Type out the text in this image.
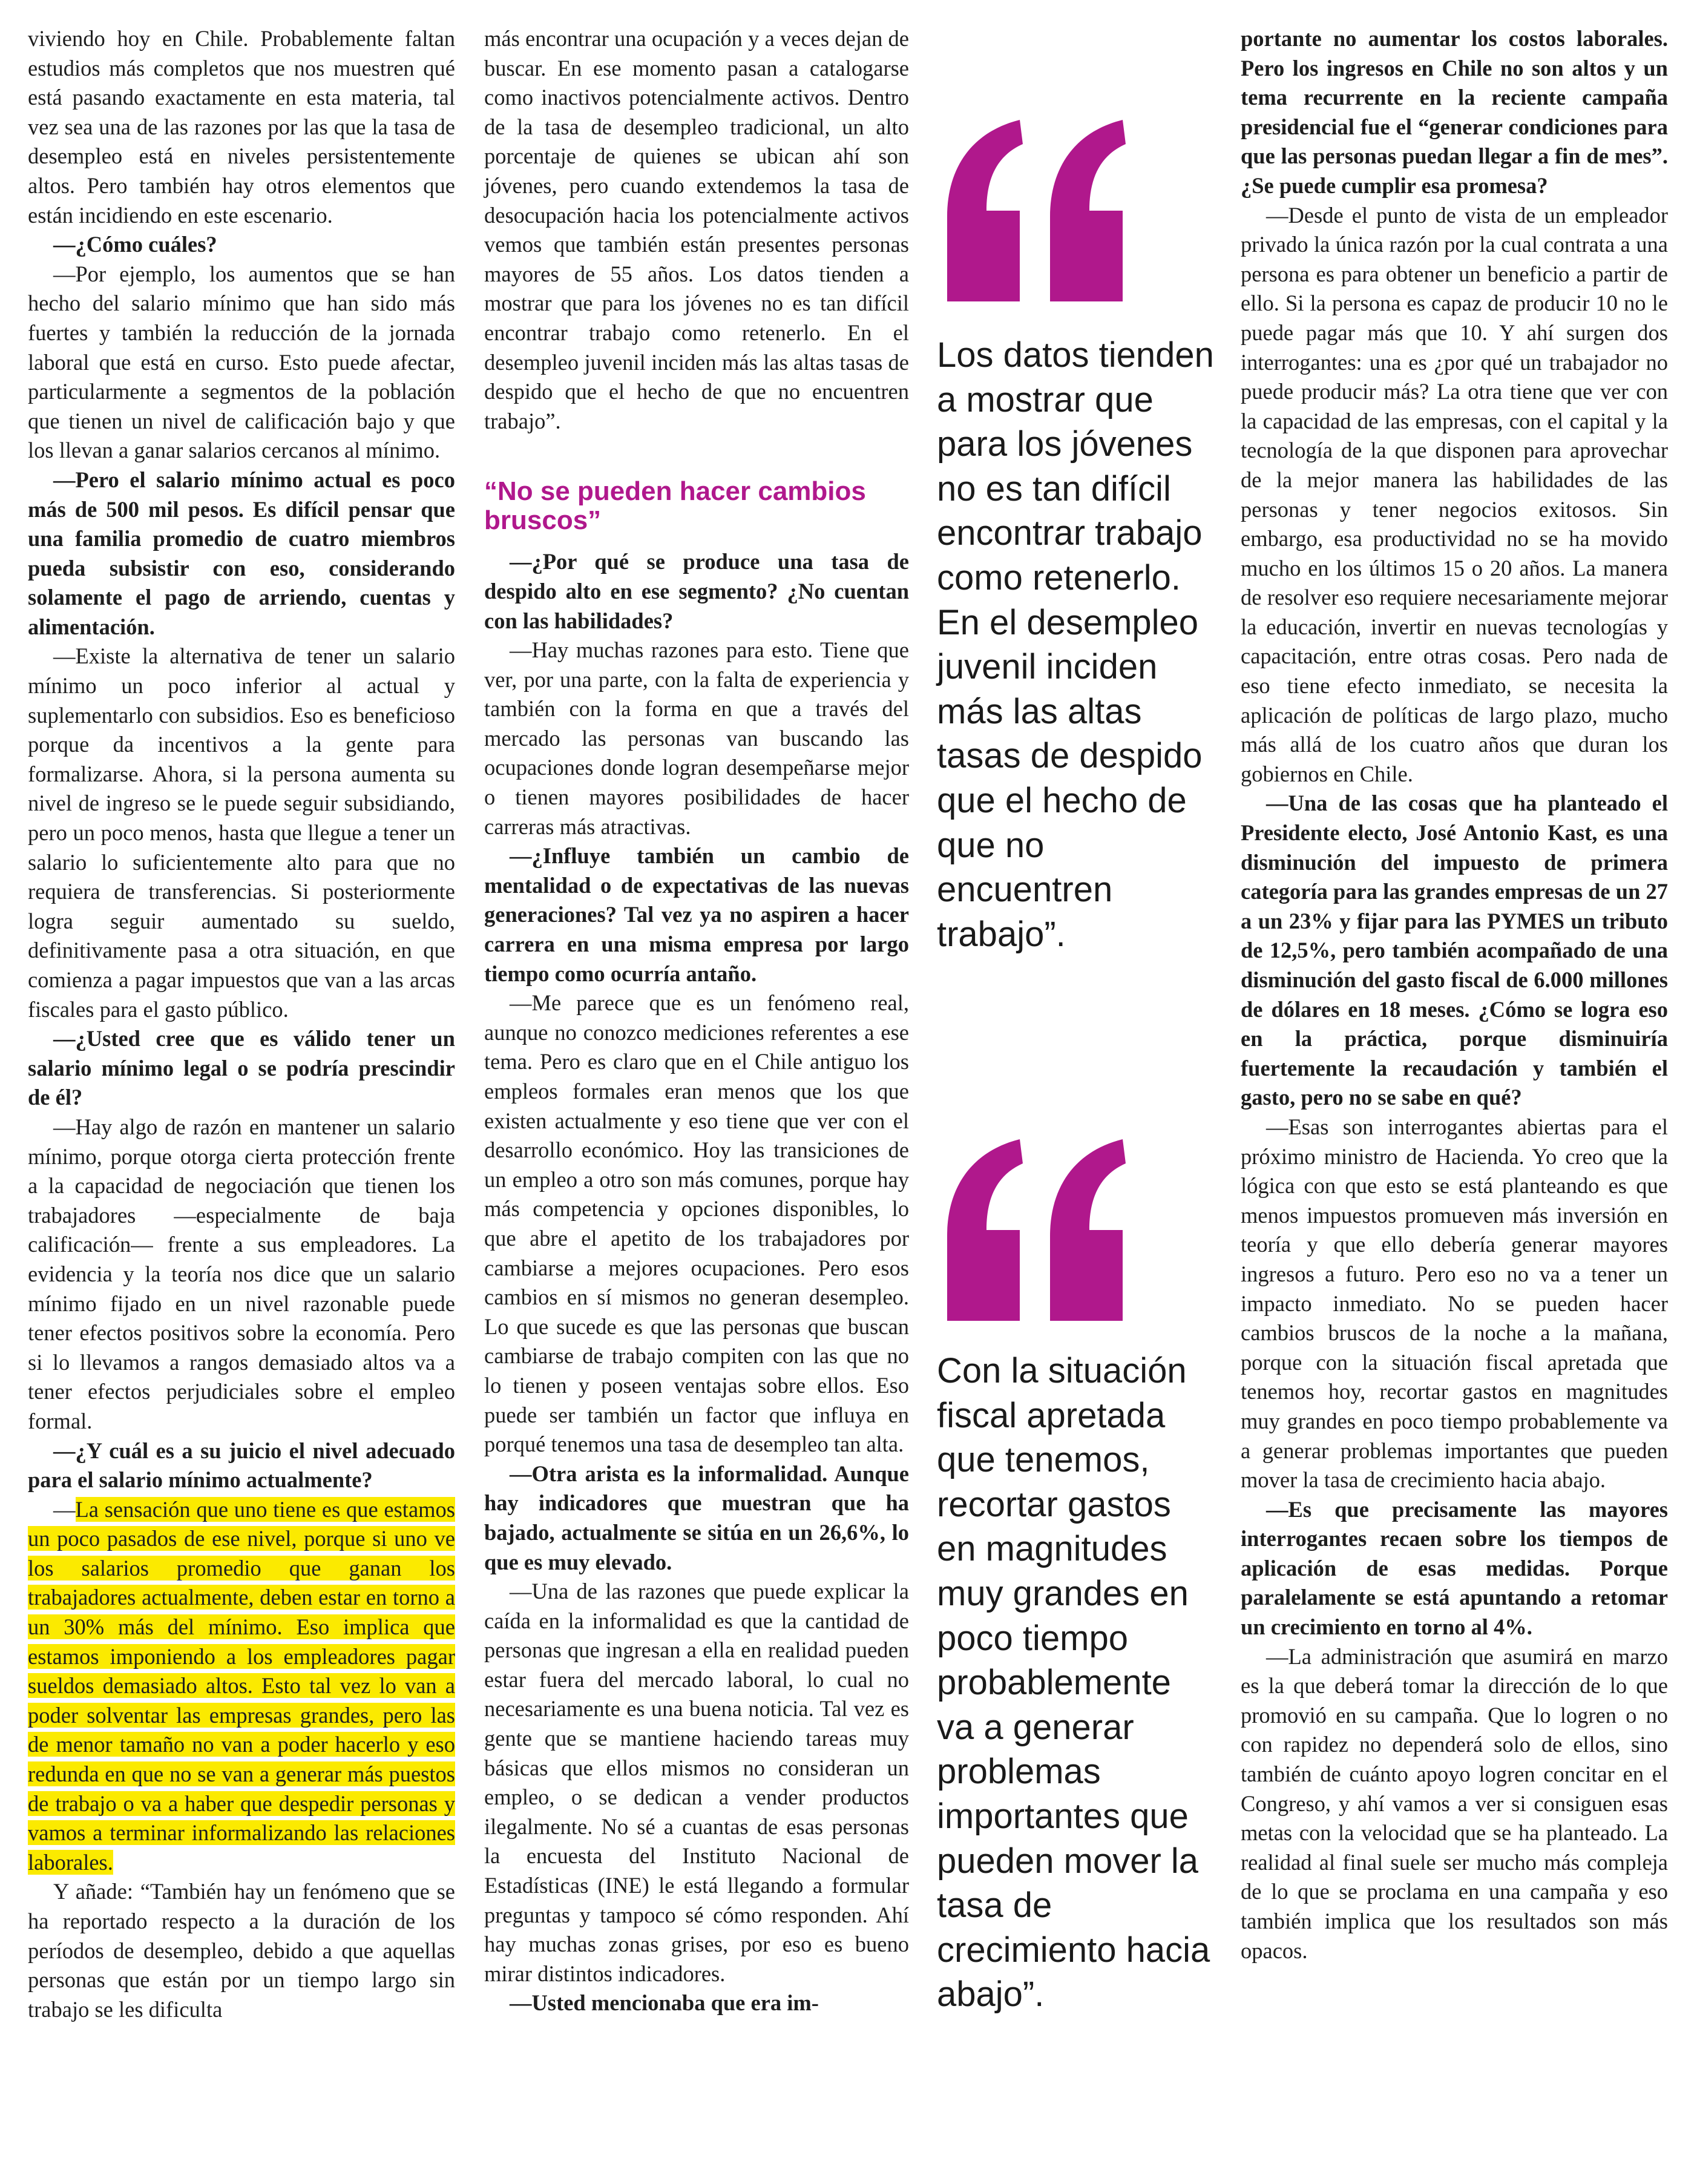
viviendo hoy en Chile. Probablemente faltan estudios más completos que nos muestren qué está pasando exactamente en esta materia, tal vez sea una de las razones por las que la tasa de desempleo está en niveles persistentemente altos. Pero también hay otros elementos que están incidiendo en este escenario.

—¿Cómo cuáles?

—Por ejemplo, los aumentos que se han hecho del salario mínimo que han sido más fuertes y también la reducción de la jornada laboral que está en curso. Esto puede afectar, particularmente a segmentos de la población que tienen un nivel de calificación bajo y que los llevan a ganar salarios cercanos al mínimo.

—Pero el salario mínimo actual es poco más de 500 mil pesos. Es difícil pensar que una familia promedio de cuatro miembros pueda subsistir con eso, considerando solamente el pago de arriendo, cuentas y alimentación.

—Existe la alternativa de tener un salario mínimo un poco inferior al actual y suplementarlo con subsidios. Eso es beneficioso porque da incentivos a la gente para formalizarse. Ahora, si la persona aumenta su nivel de ingreso se le puede seguir subsidiando, pero un poco menos, hasta que llegue a tener un salario lo suficientemente alto para que no requiera de transferencias. Si posteriormente logra seguir aumentado su sueldo, definitivamente pasa a otra situación, en que comienza a pagar impuestos que van a las arcas fiscales para el gasto público.

—¿Usted cree que es válido tener un salario mínimo legal o se podría prescindir de él?

—Hay algo de razón en mantener un salario mínimo, porque otorga cierta protección frente a la capacidad de negociación que tienen los trabajadores —especialmente de baja calificación— frente a sus empleadores. La evidencia y la teoría nos dice que un salario mínimo fijado en un nivel razonable puede tener efectos positivos sobre la economía. Pero si lo llevamos a rangos demasiado altos va a tener efectos perjudiciales sobre el empleo formal.

—¿Y cuál es a su juicio el nivel adecuado para el salario mínimo actualmente?

—La sensación que uno tiene es que estamos un poco pasados de ese nivel, porque si uno ve los salarios promedio que ganan los trabajadores actualmente, deben estar en torno a un 30% más del mínimo. Eso implica que estamos imponiendo a los empleadores pagar sueldos demasiado altos. Esto tal vez lo van a poder solventar las empresas grandes, pero las de menor tamaño no van a poder hacerlo y eso redunda en que no se van a generar más puestos de trabajo o va a haber que despedir personas y vamos a terminar informalizando las relaciones laborales.

Y añade: “También hay un fenómeno que se ha reportado respecto a la duración de los períodos de desempleo, debido a que aquellas personas que están por un tiempo largo sin trabajo se les dificulta

más encontrar una ocupación y a veces dejan de buscar. En ese momento pasan a catalogarse como inactivos potencialmente activos. Dentro de la tasa de desempleo tradicional, un alto porcentaje de quienes se ubican ahí son jóvenes, pero cuando extendemos la tasa de desocupación hacia los potencialmente activos vemos que también están presentes personas mayores de 55 años. Los datos tienden a mostrar que para los jóvenes no es tan difícil encontrar trabajo como retenerlo. En el desempleo juvenil inciden más las altas tasas de despido que el hecho de que no encuentren trabajo”.

“No se pueden hacer cambios bruscos”

—¿Por qué se produce una tasa de despido alto en ese segmento? ¿No cuentan con las habilidades?

—Hay muchas razones para esto. Tiene que ver, por una parte, con la falta de experiencia y también con la forma en que a través del mercado las personas van buscando las ocupaciones donde logran desempeñarse mejor o tienen mayores posibilidades de hacer carreras más atractivas.

—¿Influye también un cambio de mentalidad o de expectativas de las nuevas generaciones? Tal vez ya no aspiren a hacer carrera en una misma empresa por largo tiempo como ocurría antaño.

—Me parece que es un fenómeno real, aunque no conozco mediciones referentes a ese tema. Pero es claro que en el Chile antiguo los empleos formales eran menos que los que existen actualmente y eso tiene que ver con el desarrollo económico. Hoy las transiciones de un empleo a otro son más comunes, porque hay más competencia y opciones disponibles, lo que abre el apetito de los trabajadores por cambiarse a mejores ocupaciones. Pero esos cambios en sí mismos no generan desempleo. Lo que sucede es que las personas que buscan cambiarse de trabajo compiten con las que no lo tienen y poseen ventajas sobre ellos. Eso puede ser también un factor que influya en porqué tenemos una tasa de desempleo tan alta.

—Otra arista es la informalidad. Aunque hay indicadores que muestran que ha bajado, actualmente se sitúa en un 26,6%, lo que es muy elevado.

—Una de las razones que puede explicar la caída en la informalidad es que la cantidad de personas que ingresan a ella en realidad pueden estar fuera del mercado laboral, lo cual no necesariamente es una buena noticia. Tal vez es gente que se mantiene haciendo tareas muy básicas que ellos mismos no consideran un empleo, o se dedican a vender productos ilegalmente. No sé a cuantas de esas personas la encuesta del Instituto Nacional de Estadísticas (INE) le está llegando a formular preguntas y tampoco sé cómo responden. Ahí hay muchas zonas grises, por eso es bueno mirar distintos indicadores.

—Usted mencionaba que era im-

Los datos tienden a mostrar que para los jóvenes no es tan difícil encontrar trabajo como retenerlo. En el desempleo juvenil inciden más las altas tasas de despido que el hecho de que no encuentren trabajo”.

Con la situación fiscal apretada que tenemos, recortar gastos en magnitudes muy grandes en poco tiempo probablemente va a generar problemas importantes que pueden mover la tasa de crecimiento hacia abajo”.

portante no aumentar los costos laborales. Pero los ingresos en Chile no son altos y un tema recurrente en la reciente campaña presidencial fue el “generar condiciones para que las personas puedan llegar a fin de mes”. ¿Se puede cumplir esa promesa?

—Desde el punto de vista de un empleador privado la única razón por la cual contrata a una persona es para obtener un beneficio a partir de ello. Si la persona es capaz de producir 10 no le puede pagar más que 10. Y ahí surgen dos interrogantes: una es ¿por qué un trabajador no puede producir más? La otra tiene que ver con la capacidad de las empresas, con el capital y la tecnología de la que disponen para aprovechar de la mejor manera las habilidades de las personas y tener negocios exitosos. Sin embargo, esa productividad no se ha movido mucho en los últimos 15 o 20 años. La manera de resolver eso requiere necesariamente mejorar la educación, invertir en nuevas tecnologías y capacitación, entre otras cosas. Pero nada de eso tiene efecto inmediato, se necesita la aplicación de políticas de largo plazo, mucho más allá de los cuatro años que duran los gobiernos en Chile.

—Una de las cosas que ha planteado el Presidente electo, José Antonio Kast, es una disminución del impuesto de primera categoría para las grandes empresas de un 27 a un 23% y fijar para las PYMES un tributo de 12,5%, pero también acompañado de una disminución del gasto fiscal de 6.000 millones de dólares en 18 meses. ¿Cómo se logra eso en la práctica, porque disminuiría fuertemente la recaudación y también el gasto, pero no se sabe en qué?

—Esas son interrogantes abiertas para el próximo ministro de Hacienda. Yo creo que la lógica con que esto se está planteando es que menos impuestos promueven más inversión en teoría y que ello debería generar mayores ingresos a futuro. Pero eso no va a tener un impacto inmediato. No se pueden hacer cambios bruscos de la noche a la mañana, porque con la situación fiscal apretada que tenemos hoy, recortar gastos en magnitudes muy grandes en poco tiempo probablemente va a generar problemas importantes que pueden mover la tasa de crecimiento hacia abajo.

—Es que precisamente las mayores interrogantes recaen sobre los tiempos de aplicación de esas medidas. Porque paralelamente se está apuntando a retomar un crecimiento en torno al 4%.

—La administración que asumirá en marzo es la que deberá tomar la dirección de lo que promovió en su campaña. Que lo logren o no con rapidez no dependerá solo de ellos, sino también de cuánto apoyo logren concitar en el Congreso, y ahí vamos a ver si consiguen esas metas con la velocidad que se ha planteado. La realidad al final suele ser mucho más compleja de lo que se proclama en una campaña y eso también implica que los resultados son más opacos.
